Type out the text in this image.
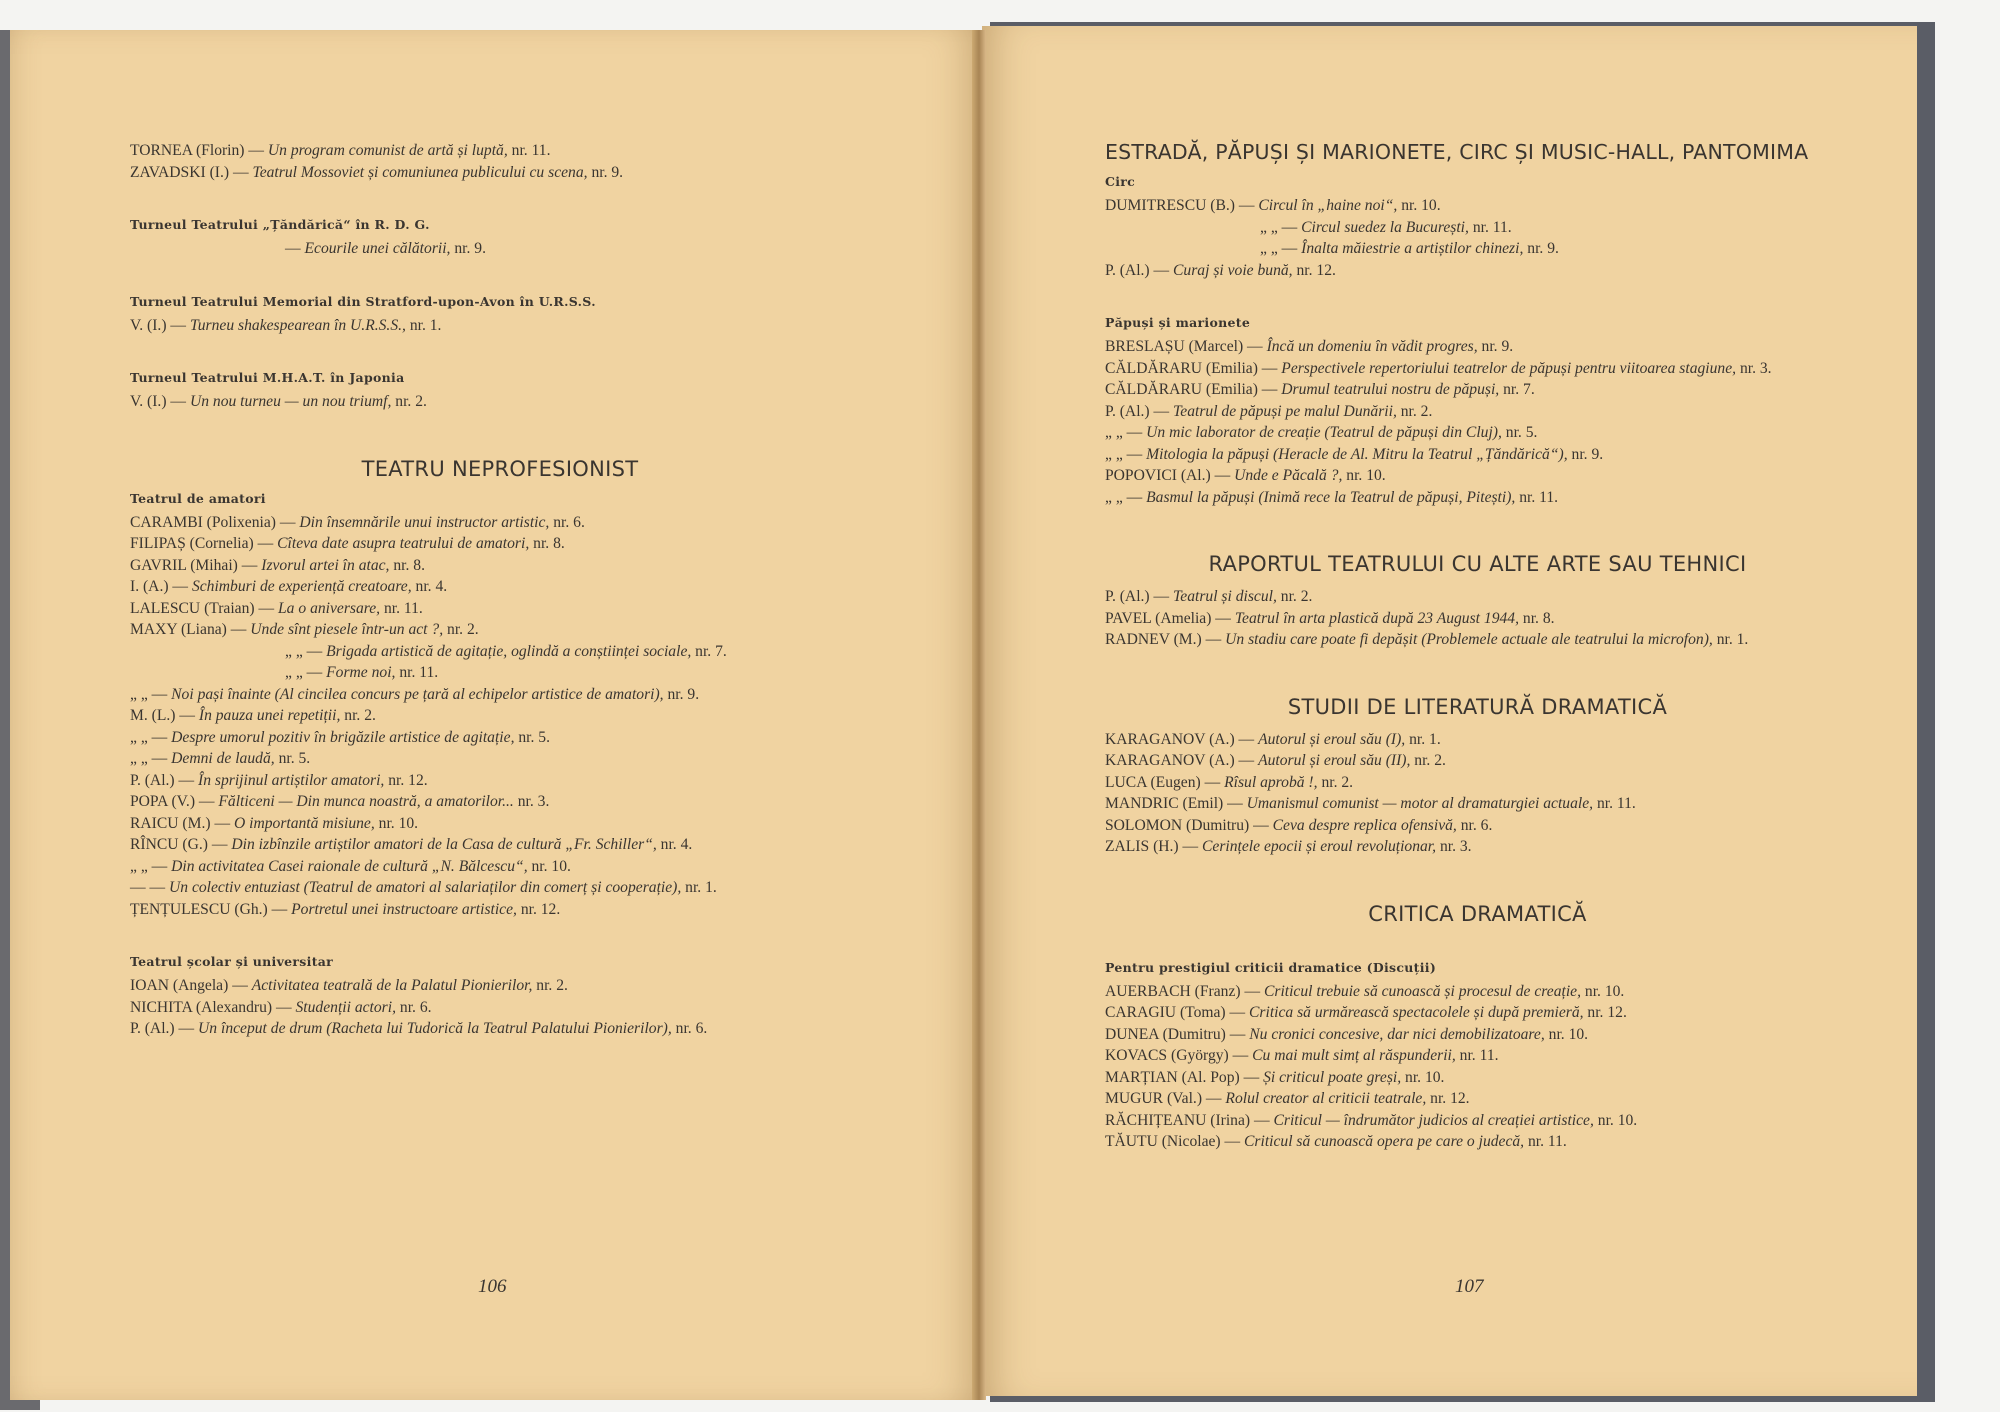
TORNEA (Florin) — Un program comunist de artă și luptă, nr. 11.
ZAVADSKI (I.) — Teatrul Mossoviet și comuniunea publicului cu scena, nr. 9.
Turneul Teatrului „Țăndărică“ în R. D. G.
— Ecourile unei călătorii, nr. 9.
Turneul Teatrului Memorial din Stratford-upon-Avon în U.R.S.S.
V. (I.) — Turneu shakespearean în U.R.S.S., nr. 1.
Turneul Teatrului M.H.A.T. în Japonia
V. (I.) — Un nou turneu — un nou triumf, nr. 2.
TEATRU NEPROFESIONIST
Teatrul de amatori
CARAMBI (Polixenia) — Din însemnările unui instructor artistic, nr. 6.
FILIPAȘ (Cornelia) — Cîteva date asupra teatrului de amatori, nr. 8.
GAVRIL (Mihai) — Izvorul artei în atac, nr. 8.
I. (A.) — Schimburi de experiență creatoare, nr. 4.
LALESCU (Traian) — La o aniversare, nr. 11.
MAXY (Liana) — Unde sînt piesele într-un act ?, nr. 2.
„ „ — Brigada artistică de agitație, oglindă a conștiinței sociale, nr. 7.
„ „ — Forme noi, nr. 11.
„ „ — Noi pași înainte (Al cincilea concurs pe țară al echipelor artistice de amatori), nr. 9.
M. (L.) — În pauza unei repetiții, nr. 2.
„ „ — Despre umorul pozitiv în brigăzile artistice de agitație, nr. 5.
„ „ — Demni de laudă, nr. 5.
P. (Al.) — În sprijinul artiștilor amatori, nr. 12.
POPA (V.) — Fălticeni — Din munca noastră, a amatorilor... nr. 3.
RAICU (M.) — O importantă misiune, nr. 10.
RÎNCU (G.) — Din izbînzile artiștilor amatori de la Casa de cultură „Fr. Schiller“, nr. 4.
„ „ — Din activitatea Casei raionale de cultură „N. Bălcescu“, nr. 10.
— — Un colectiv entuziast (Teatrul de amatori al salariaților din comerț și cooperație), nr. 1.
ȚENȚULESCU (Gh.) — Portretul unei instructoare artistice, nr. 12.
Teatrul școlar și universitar
IOAN (Angela) — Activitatea teatrală de la Palatul Pionierilor, nr. 2.
NICHITA (Alexandru) — Studenții actori, nr. 6.
P. (Al.) — Un început de drum (Racheta lui Tudorică la Teatrul Palatului Pionierilor), nr. 6.
ESTRADĂ, PĂPUȘI ȘI MARIONETE, CIRC ȘI MUSIC-HALL, PANTOMIMA
Circ
DUMITRESCU (B.) — Circul în „haine noi“, nr. 10.
„ „ — Circul suedez la București, nr. 11.
„ „ — Înalta măiestrie a artiștilor chinezi, nr. 9.
P. (Al.) — Curaj și voie bună, nr. 12.
Păpuși și marionete
BRESLAȘU (Marcel) — Încă un domeniu în vădit progres, nr. 9.
CĂLDĂRARU (Emilia) — Perspectivele repertoriului teatrelor de păpuși pentru viitoarea stagiune, nr. 3.
CĂLDĂRARU (Emilia) — Drumul teatrului nostru de păpuși, nr. 7.
P. (Al.) — Teatrul de păpuși pe malul Dunării, nr. 2.
„ „ — Un mic laborator de creație (Teatrul de păpuși din Cluj), nr. 5.
„ „ — Mitologia la păpuși (Heracle de Al. Mitru la Teatrul „Țăndărică“), nr. 9.
POPOVICI (Al.) — Unde e Păcală ?, nr. 10.
„ „ — Basmul la păpuși (Inimă rece la Teatrul de păpuși, Pitești), nr. 11.
RAPORTUL TEATRULUI CU ALTE ARTE SAU TEHNICI
P. (Al.) — Teatrul și discul, nr. 2.
PAVEL (Amelia) — Teatrul în arta plastică după 23 August 1944, nr. 8.
RADNEV (M.) — Un stadiu care poate fi depășit (Problemele actuale ale teatrului la microfon), nr. 1.
STUDII DE LITERATURĂ DRAMATICĂ
KARAGANOV (A.) — Autorul și eroul său (I), nr. 1.
KARAGANOV (A.) — Autorul și eroul său (II), nr. 2.
LUCA (Eugen) — Rîsul aprobă !, nr. 2.
MANDRIC (Emil) — Umanismul comunist — motor al dramaturgiei actuale, nr. 11.
SOLOMON (Dumitru) — Ceva despre replica ofensivă, nr. 6.
ZALIS (H.) — Cerințele epocii și eroul revoluționar, nr. 3.
CRITICA DRAMATICĂ
Pentru prestigiul criticii dramatice (Discuții)
AUERBACH (Franz) — Criticul trebuie să cunoască și procesul de creație, nr. 10.
CARAGIU (Toma) — Critica să urmărească spectacolele și după premieră, nr. 12.
DUNEA (Dumitru) — Nu cronici concesive, dar nici demobilizatoare, nr. 10.
KOVACS (György) — Cu mai mult simț al răspunderii, nr. 11.
MARȚIAN (Al. Pop) — Și criticul poate greși, nr. 10.
MUGUR (Val.) — Rolul creator al criticii teatrale, nr. 12.
RĂCHIȚEANU (Irina) — Criticul — îndrumător judicios al creației artistice, nr. 10.
TĂUTU (Nicolae) — Criticul să cunoască opera pe care o judecă, nr. 11.
106	107
